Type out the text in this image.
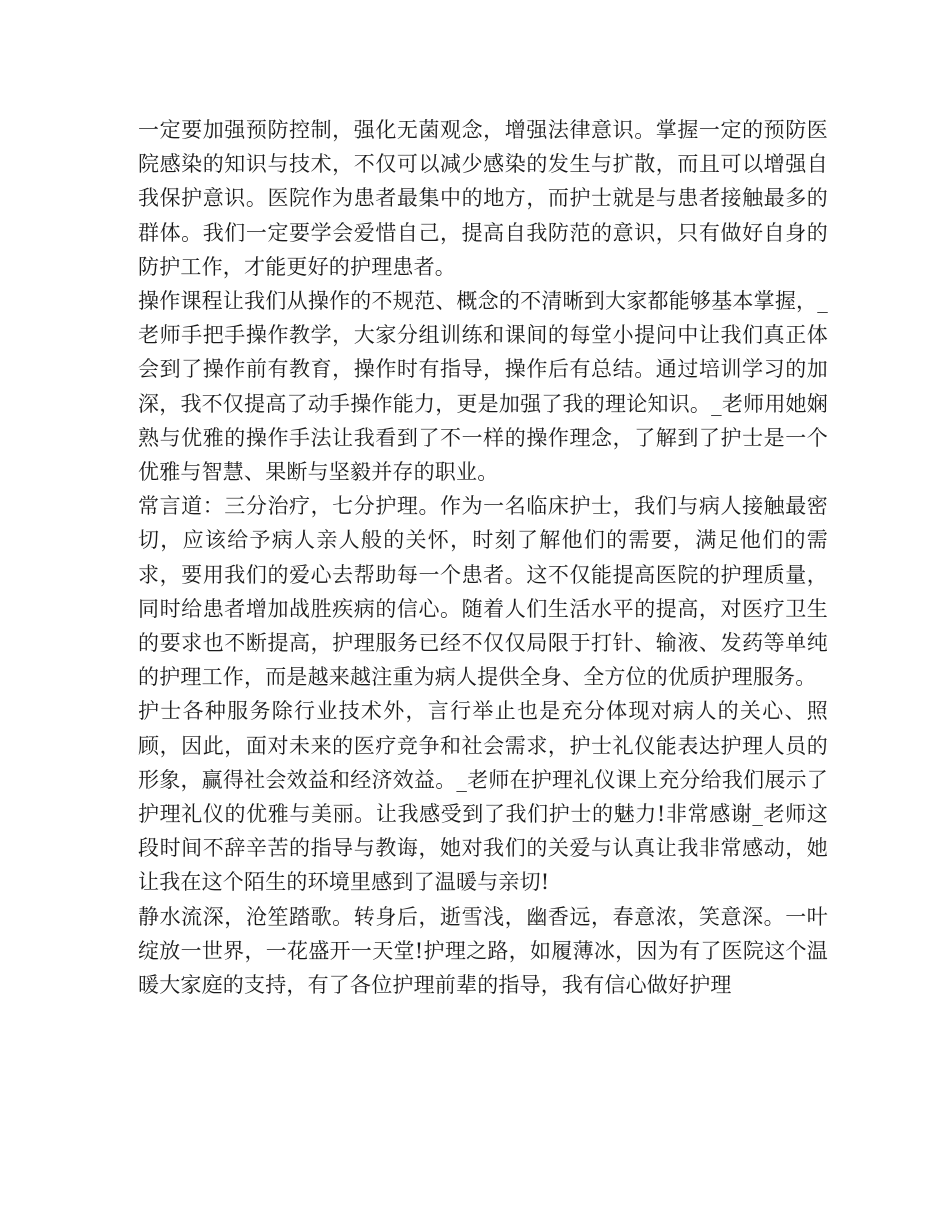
一定要加强预防控制，强化无菌观念，增强法律意识。掌握一定的预防医院感染的知识与技术，不仅可以减少感染的发生与扩散，而且可以增强自我保护意识。医院作为患者最集中的地方，而护士就是与患者接触最多的群体。我们一定要学会爱惜自己，提高自我防范的意识，只有做好自身的防护工作，才能更好的护理患者。

操作课程让我们从操作的不规范、概念的不清晰到大家都能够基本掌握，_老师手把手操作教学，大家分组训练和课间的每堂小提问中让我们真正体会到了操作前有教育，操作时有指导，操作后有总结。通过培训学习的加深，我不仅提高了动手操作能力，更是加强了我的理论知识。_老师用她娴熟与优雅的操作手法让我看到了不一样的操作理念，了解到了护士是一个优雅与智慧、果断与坚毅并存的职业。

常言道：三分治疗，七分护理。作为一名临床护士，我们与病人接触最密切，应该给予病人亲人般的关怀，时刻了解他们的需要，满足他们的需求，要用我们的爱心去帮助每一个患者。这不仅能提高医院的护理质量，同时给患者增加战胜疾病的信心。随着人们生活水平的提高，对医疗卫生的要求也不断提高，护理服务已经不仅仅局限于打针、输液、发药等单纯的护理工作，而是越来越注重为病人提供全身、全方位的优质护理服务。

护士各种服务除行业技术外，言行举止也是充分体现对病人的关心、照顾，因此，面对未来的医疗竞争和社会需求，护士礼仪能表达护理人员的形象，赢得社会效益和经济效益。_老师在护理礼仪课上充分给我们展示了护理礼仪的优雅与美丽。让我感受到了我们护士的魅力!非常感谢_老师这段时间不辞辛苦的指导与教诲，她对我们的关爱与认真让我非常感动，她让我在这个陌生的环境里感到了温暖与亲切!

静水流深，沧笙踏歌。转身后，逝雪浅，幽香远，春意浓，笑意深。一叶绽放一世界，一花盛开一天堂!护理之路，如履薄冰，因为有了医院这个温暖大家庭的支持，有了各位护理前辈的指导，我有信心做好护理
